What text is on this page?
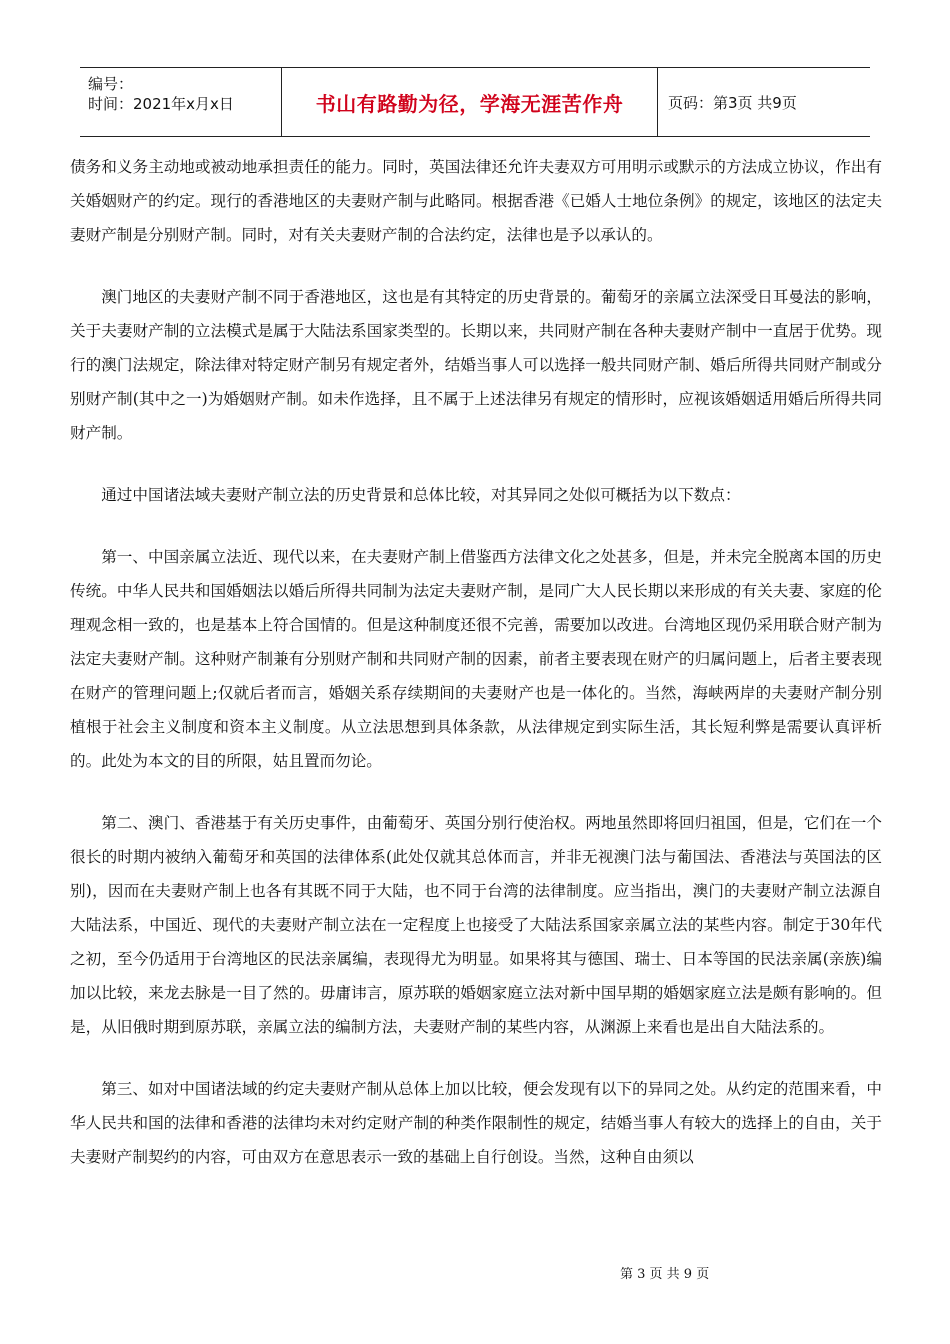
编号：
时间：2021年x月x日	书山有路勤为径，学海无涯苦作舟	页码：第3页 共9页

债务和义务主动地或被动地承担责任的能力。同时，英国法律还允许夫妻双方可用明示或默示的方法成立协议，作出有关婚姻财产的约定。现行的香港地区的夫妻财产制与此略同。根据香港《已婚人士地位条例》的规定，该地区的法定夫妻财产制是分别财产制。同时，对有关夫妻财产制的合法约定，法律也是予以承认的。

澳门地区的夫妻财产制不同于香港地区，这也是有其特定的历史背景的。葡萄牙的亲属立法深受日耳曼法的影响，关于夫妻财产制的立法模式是属于大陆法系国家类型的。长期以来，共同财产制在各种夫妻财产制中一直居于优势。现行的澳门法规定，除法律对特定财产制另有规定者外，结婚当事人可以选择一般共同财产制、婚后所得共同财产制或分别财产制(其中之一)为婚姻财产制。如未作选择，且不属于上述法律另有规定的情形时，应视该婚姻适用婚后所得共同财产制。

通过中国诸法域夫妻财产制立法的历史背景和总体比较，对其异同之处似可概括为以下数点：

第一、中国亲属立法近、现代以来，在夫妻财产制上借鉴西方法律文化之处甚多，但是，并未完全脱离本国的历史传统。中华人民共和国婚姻法以婚后所得共同制为法定夫妻财产制，是同广大人民长期以来形成的有关夫妻、家庭的伦理观念相一致的，也是基本上符合国情的。但是这种制度还很不完善，需要加以改进。台湾地区现仍采用联合财产制为法定夫妻财产制。这种财产制兼有分别财产制和共同财产制的因素，前者主要表现在财产的归属问题上，后者主要表现在财产的管理问题上;仅就后者而言，婚姻关系存续期间的夫妻财产也是一体化的。当然，海峡两岸的夫妻财产制分别植根于社会主义制度和资本主义制度。从立法思想到具体条款，从法律规定到实际生活，其长短利弊是需要认真评析的。此处为本文的目的所限，姑且置而勿论。

第二、澳门、香港基于有关历史事件，由葡萄牙、英国分别行使治权。两地虽然即将回归祖国，但是，它们在一个很长的时期内被纳入葡萄牙和英国的法律体系(此处仅就其总体而言，并非无视澳门法与葡国法、香港法与英国法的区别)，因而在夫妻财产制上也各有其既不同于大陆，也不同于台湾的法律制度。应当指出，澳门的夫妻财产制立法源自大陆法系，中国近、现代的夫妻财产制立法在一定程度上也接受了大陆法系国家亲属立法的某些内容。制定于30年代之初，至今仍适用于台湾地区的民法亲属编，表现得尤为明显。如果将其与德国、瑞士、日本等国的民法亲属(亲族)编加以比较，来龙去脉是一目了然的。毋庸讳言，原苏联的婚姻家庭立法对新中国早期的婚姻家庭立法是颇有影响的。但是，从旧俄时期到原苏联，亲属立法的编制方法，夫妻财产制的某些内容，从渊源上来看也是出自大陆法系的。

第三、如对中国诸法域的约定夫妻财产制从总体上加以比较，便会发现有以下的异同之处。从约定的范围来看，中华人民共和国的法律和香港的法律均未对约定财产制的种类作限制性的规定，结婚当事人有较大的选择上的自由，关于夫妻财产制契约的内容，可由双方在意思表示一致的基础上自行创设。当然，这种自由须以

第 3 页 共 9 页
